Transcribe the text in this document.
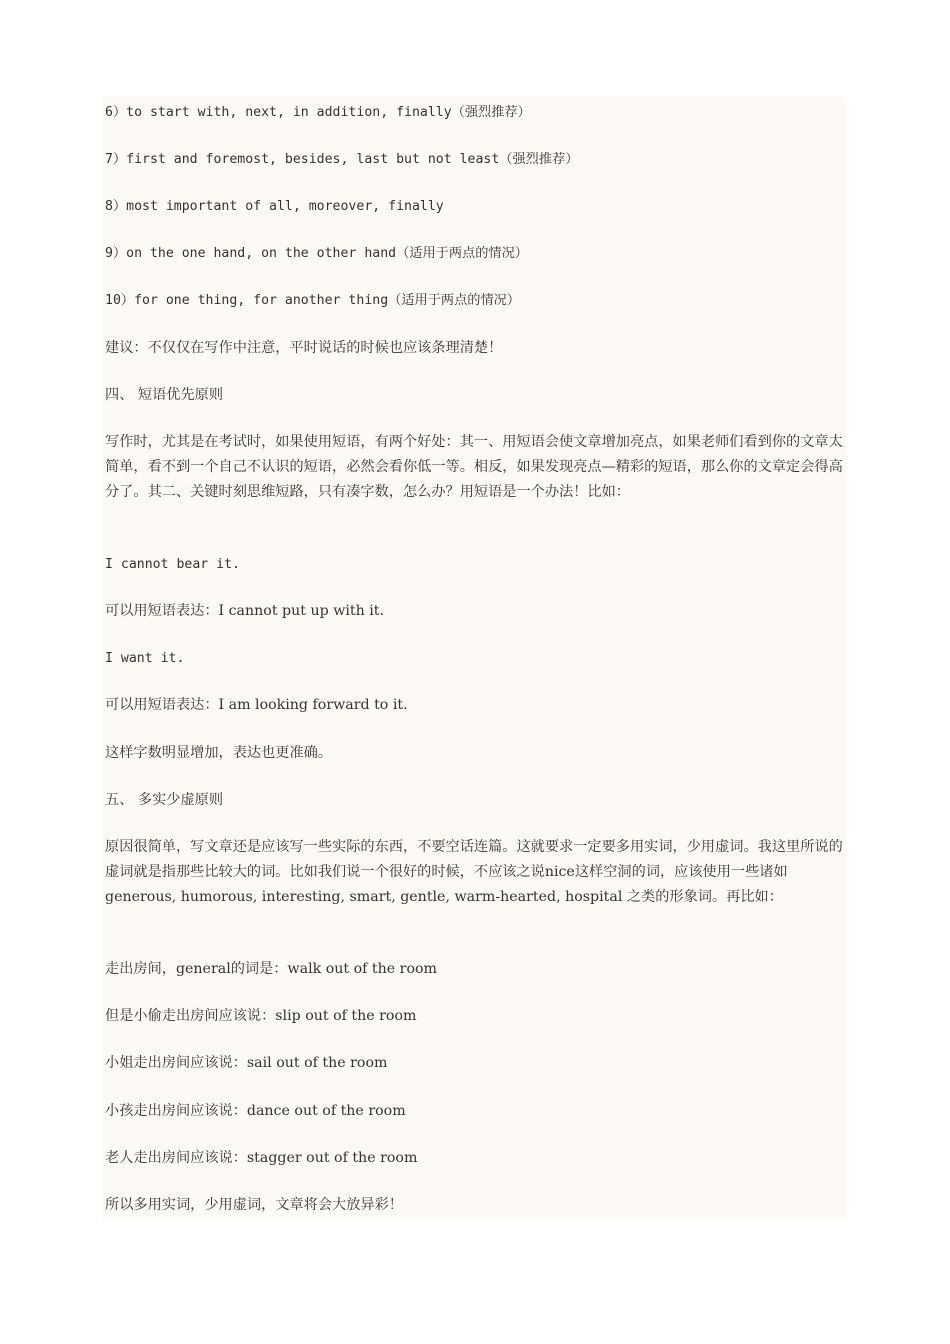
6）to start with, next, in addition, finally（强烈推荐）

7）first and foremost, besides, last but not least（强烈推荐）

8）most important of all, moreover, finally

9）on the one hand, on the other hand（适用于两点的情况）

10）for one thing, for another thing（适用于两点的情况）

建议：不仅仅在写作中注意，平时说话的时候也应该条理清楚！

四、 短语优先原则

写作时，尤其是在考试时，如果使用短语，有两个好处：其一、用短语会使文章增加亮点，如果老师们看到你的文章太简单，看不到一个自己不认识的短语，必然会看你低一等。相反，如果发现亮点—精彩的短语，那么你的文章定会得高分了。其二、关键时刻思维短路，只有凑字数，怎么办？用短语是一个办法！比如：

I cannot bear it.

可以用短语表达：I cannot put up with it.

I want it.

可以用短语表达：I am looking forward to it.

这样字数明显增加，表达也更准确。

五、 多实少虚原则

原因很简单，写文章还是应该写一些实际的东西，不要空话连篇。这就要求一定要多用实词，少用虚词。我这里所说的虚词就是指那些比较大的词。比如我们说一个很好的时候，不应该之说nice这样空洞的词，应该使用一些诸如generous, humorous, interesting, smart, gentle, warm-hearted, hospital 之类的形象词。再比如：

走出房间，general的词是：walk out of the room

但是小偷走出房间应该说：slip out of the room

小姐走出房间应该说：sail out of the room

小孩走出房间应该说：dance out of the room

老人走出房间应该说：stagger out of the room

所以多用实词，少用虚词，文章将会大放异彩！
